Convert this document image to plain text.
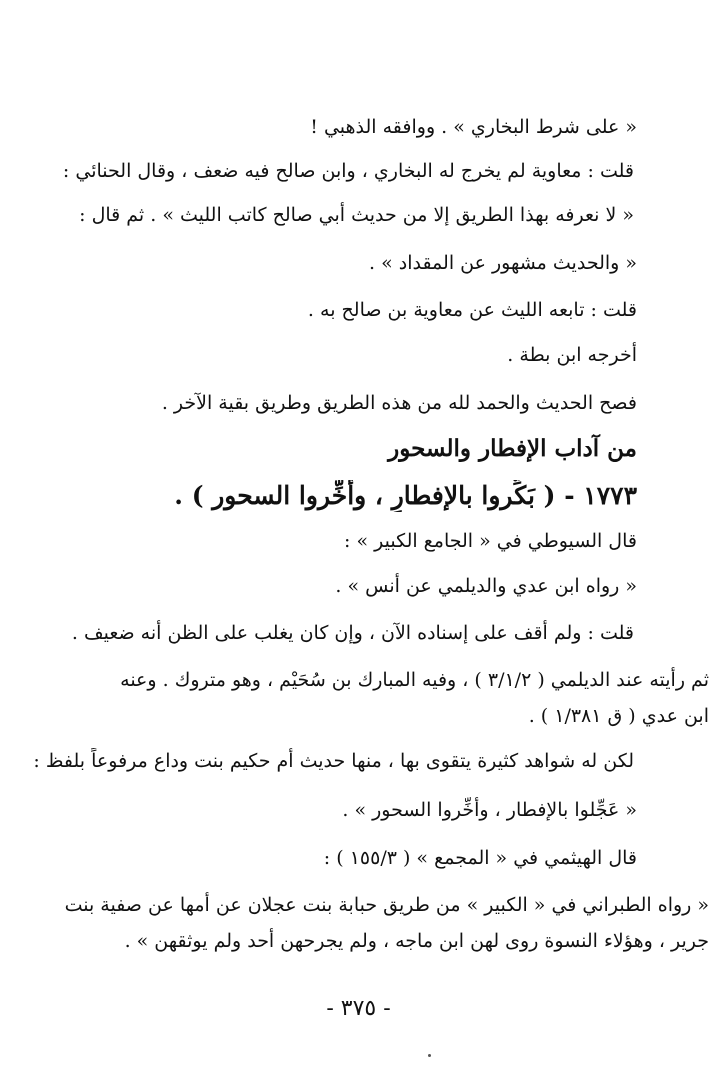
« على شرط البخاري » . ووافقه الذهبي !
قلت : معاوية لم يخرج له البخاري ، وابن صالح فيه ضعف ، وقال الحنائي :
« لا نعرفه بهذا الطريق إلا من حديث أبي صالح كاتب الليث » . ثم قال :
« والحديث مشهور عن المقداد » .
قلت : تابعه الليث عن معاوية بن صالح به .
أخرجه ابن بطة .
فصح الحديث والحمد لله من هذه الطريق وطريق بقية الآخر .
من آداب الإفطار والسحور
١٧٧٣ - ( بَكِّروا بالإفطارِ ، وأَخِّروا السحور ) .
قال السيوطي في « الجامع الكبير » :
« رواه ابن عدي والديلمي عن أنس » .
قلت : ولم أقف على إسناده الآن ، وإن كان يغلب على الظن أنه ضعيف .
ثم رأيته عند الديلمي ( ٣/١/٢ ) ، وفيه المبارك بن سُحَيْم ، وهو متروك . وعنه
ابن عدي ( ق ١/٣٨١ ) .
لكن له شواهد كثيرة يتقوى بها ، منها حديث أم حكيم بنت وداع مرفوعاً بلفظ :
« عَجِّلوا بالإفطار ، وأَخِّروا السحور » .
قال الهيثمي في « المجمع » ( ١٥٥/٣ ) :
« رواه الطبراني في « الكبير » من طريق حبابة بنت عجلان عن أمها عن صفية بنت
جرير ، وهؤلاء النسوة روى لهن ابن ماجه ، ولم يجرحهن أحد ولم يوثقهن » .
- ٣٧٥ -
